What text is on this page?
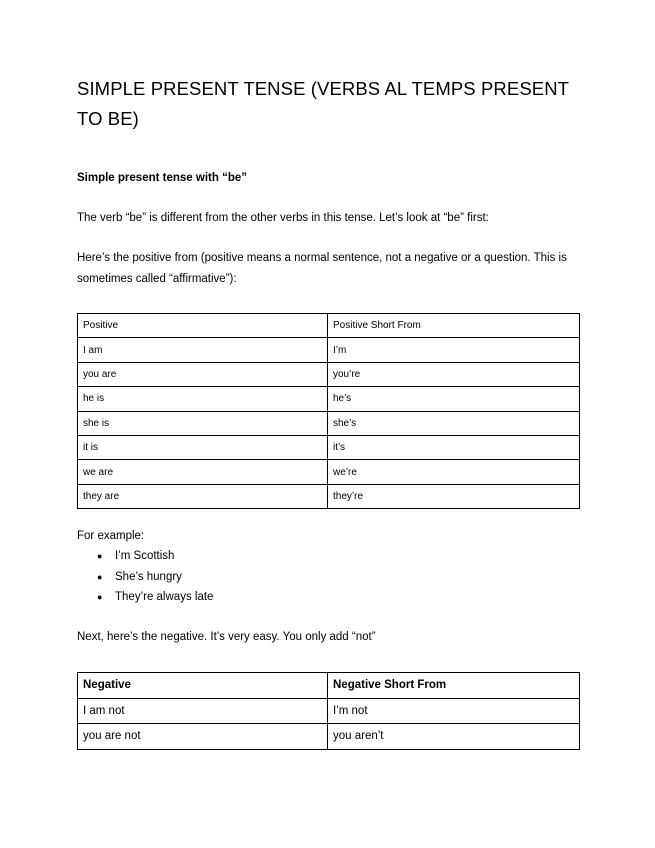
SIMPLE PRESENT TENSE (VERBS AL TEMPS PRESENT TO BE)

Simple present tense with “be”

The verb “be” is different from the other verbs in this tense. Let’s look at “be” first:

Here’s the positive from (positive means a normal sentence, not a negative or a question. This is sometimes called “affirmative”):

Positive	Positive Short From
I am	I’m
you are	you’re
he is	he’s
she is	she’s
it is	it’s
we are	we’re
they are	they’re

For example:

● I’m Scottish
● She’s hungry
● They’re always late

Next, here’s the negative. It’s very easy. You only add “not”

Negative	Negative Short From
I am not	I’m not
you are not	you aren’t
